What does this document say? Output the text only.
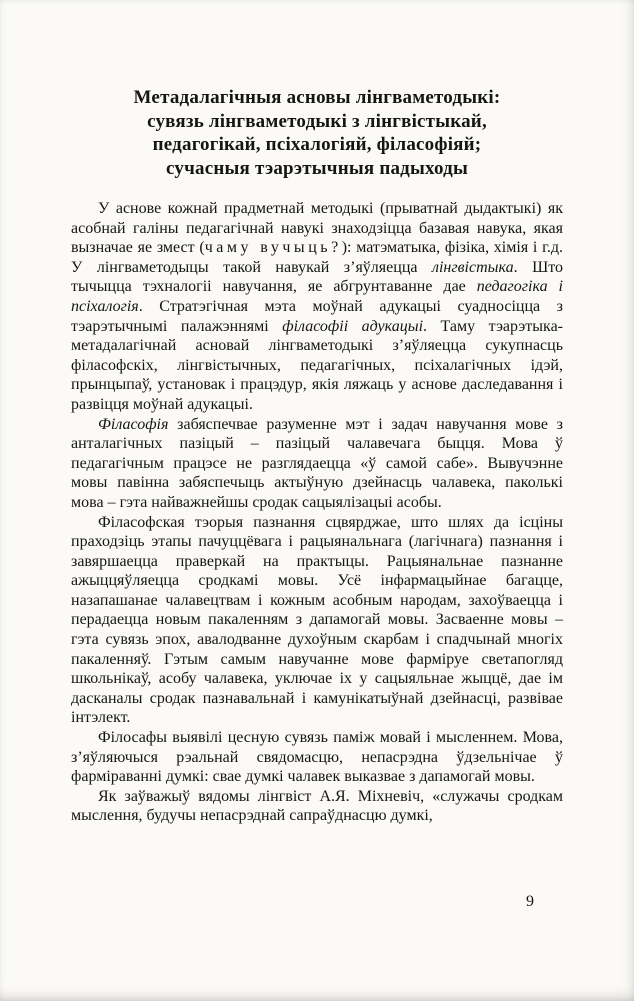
Метадалагічныя асновы лінгваметодыкі:
сувязь лінгваметодыкі з лінгвістыкай,
педагогікай, псіхалогіяй, філасофіяй;
сучасныя тэарэтычныя падыходы

У аснове кожнай прадметнай методыкі (прыватнай дыдактыкі) як асобнай галіны педагагічнай навукі знаходзіцца базавая навука, якая вызначае яе змест (чаму вучыць?): матэматыка, фізіка, хімія і г.д. У лінгваметодыцы такой навукай з’яўляецца лінгвістыка. Што тычыцца тэхналогіі навучання, яе абгрунтаванне дае педагогіка і псіхалогія. Стратэгічная мэта моўнай адукацыі суадносіцца з тэарэтычнымі палажэннямі філасофіі адукацыі. Таму тэарэтыка-метадалагічнай асновай лінгваметодыкі з’яўляецца сукупнасць філасофскіх, лінгвістычных, педагагічных, псіхалагічных ідэй, прынцыпаў, установак і працэдур, якія ляжаць у аснове даследавання і развіцця моўнай адукацыі.

Філасофія забяспечвае разуменне мэт і задач навучання мове з анталагічных пазіцый – пазіцый чалавечага быцця. Мова ў педагагічным працэсе не разглядаецца «ў самой сабе». Вывучэнне мовы павінна забяспечыць актыўную дзейнасць чалавека, паколькі мова – гэта найважнейшы сродак сацыялізацыі асобы.

Філасофская тэорыя пазнання сцвярджае, што шлях да ісціны праходзіць этапы пачуццёвага і рацыянальнага (лагічнага) пазнання і завяршаецца праверкай на практыцы. Рацыянальнае пазнанне ажыццяўляецца сродкамі мовы. Усё інфармацыйнае багацце, назапашанае чалавецтвам і кожным асобным народам, захоўваецца і перадаецца новым пакаленням з дапамогай мовы. Засваенне мовы – гэта сувязь эпох, авалодванне духоўным скарбам і спадчынай многіх пакаленняў. Гэтым самым навучанне мове фарміруе светапогляд школьнікаў, асобу чалавека, уключае іх у сацыяльнае жыццё, дае ім дасканалы сродак пазнавальнай і камунікатыўнай дзейнасці, развівае інтэлект.

Філосафы выявілі цесную сувязь паміж мовай і мысленнем. Мова, з’яўляючыся рэальнай свядомасцю, непасрэдна ўдзельнічае ў фарміраванні думкі: свае думкі чалавек выказвае з дапамогай мовы.

Як заўважыў вядомы лінгвіст А.Я. Міхневіч, «служачы сродкам мыслення, будучы непасрэднай сапраўднасцю думкі,

9
